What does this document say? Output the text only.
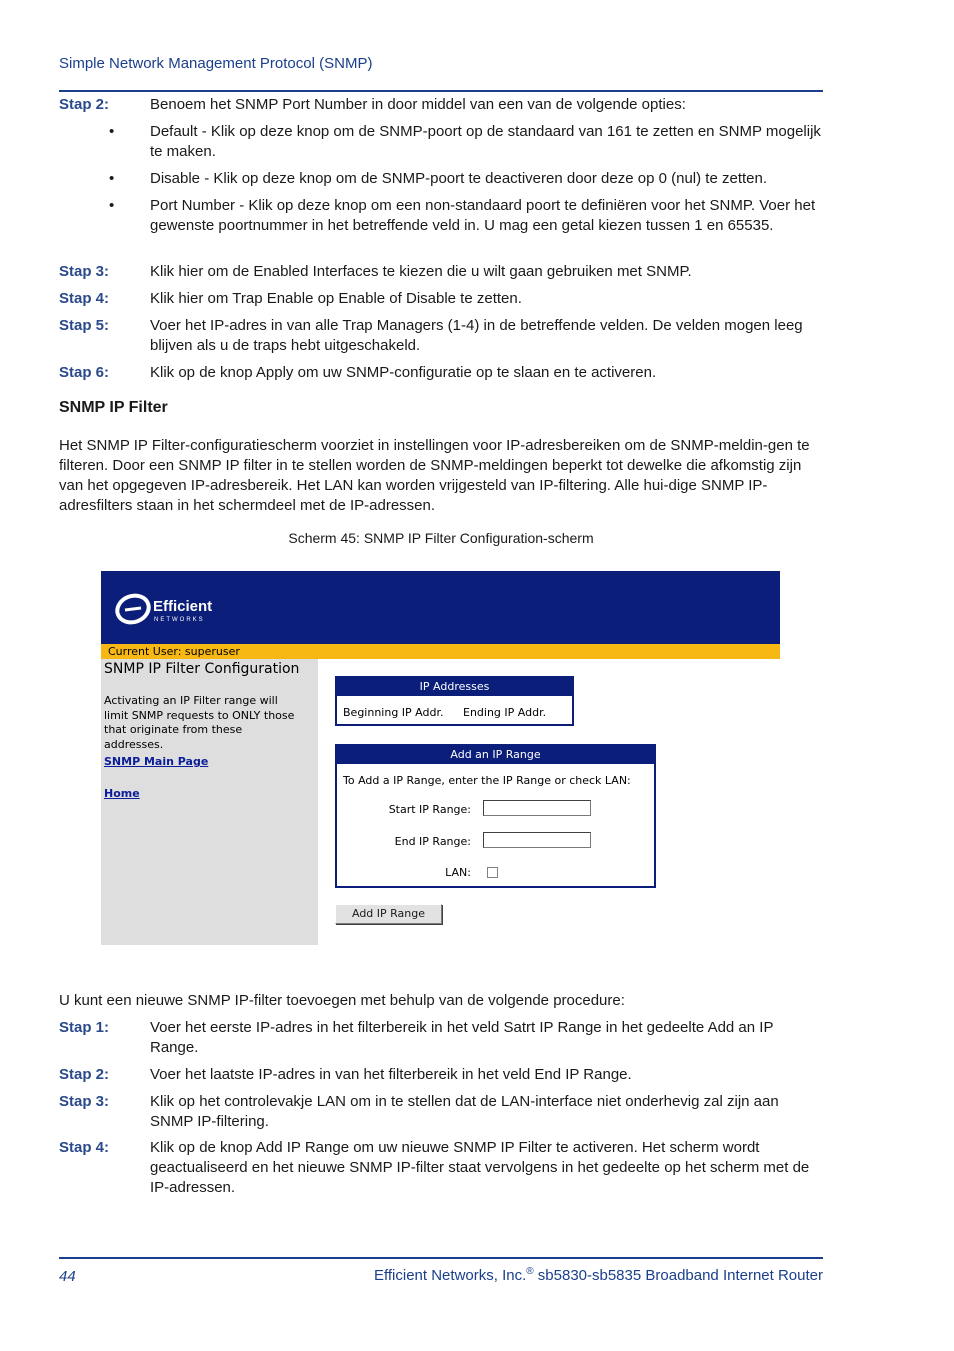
Simple Network Management Protocol (SNMP)
Stap 2:	Benoem het SNMP Port Number in door middel van een van de volgende opties:
• Default - Klik op deze knop om de SNMP-poort op de standaard van 161 te zetten en SNMP mogelijk te maken.
• Disable - Klik op deze knop om de SNMP-poort te deactiveren door deze op 0 (nul) te zetten.
• Port Number - Klik op deze knop om een non-standaard poort te definiëren voor het SNMP. Voer het gewenste poortnummer in het betreffende veld in. U mag een getal kiezen tussen 1 en 65535.
Stap 3:	Klik hier om de Enabled Interfaces te kiezen die u wilt gaan gebruiken met SNMP.
Stap 4:	Klik hier om Trap Enable op Enable of Disable te zetten.
Stap 5:	Voer het IP-adres in van alle Trap Managers (1-4) in de betreffende velden. De velden mogen leeg blijven als u de traps hebt uitgeschakeld.
Stap 6:	Klik op de knop Apply om uw SNMP-configuratie op te slaan en te activeren.
SNMP IP Filter
Het SNMP IP Filter-configuratiescherm voorziet in instellingen voor IP-adresbereiken om de SNMP-meldin-gen te filteren. Door een SNMP IP filter in te stellen worden de SNMP-meldingen beperkt tot dewelke die afkomstig zijn van het opgegeven IP-adresbereik. Het LAN kan worden vrijgesteld van IP-filtering. Alle hui-dige SNMP IP-adresfilters staan in het schermdeel met de IP-adressen.
Scherm 45: SNMP IP Filter Configuration-scherm
Efficient
NETWORKS
Current User: superuser
SNMP IP Filter Configuration
Activating an IP Filter range will limit SNMP requests to ONLY those that originate from these addresses.
SNMP Main Page
Home
IP Addresses
Beginning IP Addr. Ending IP Addr.
Add an IP Range
To Add a IP Range, enter the IP Range or check LAN:
Start IP Range:
End IP Range:
LAN:
Add IP Range
U kunt een nieuwe SNMP IP-filter toevoegen met behulp van de volgende procedure:
Stap 1:	Voer het eerste IP-adres in het filterbereik in het veld Satrt IP Range in het gedeelte Add an IP Range.
Stap 2:	Voer het laatste IP-adres in van het filterbereik in het veld End IP Range.
Stap 3:	Klik op het controlevakje LAN om in te stellen dat de LAN-interface niet onderhevig zal zijn aan SNMP IP-filtering.
Stap 4:	Klik op de knop Add IP Range om uw nieuwe SNMP IP Filter te activeren. Het scherm wordt geactualiseerd en het nieuwe SNMP IP-filter staat vervolgens in het gedeelte op het scherm met de IP-adressen.
44	Efficient Networks, Inc.® sb5830-sb5835 Broadband Internet Router
